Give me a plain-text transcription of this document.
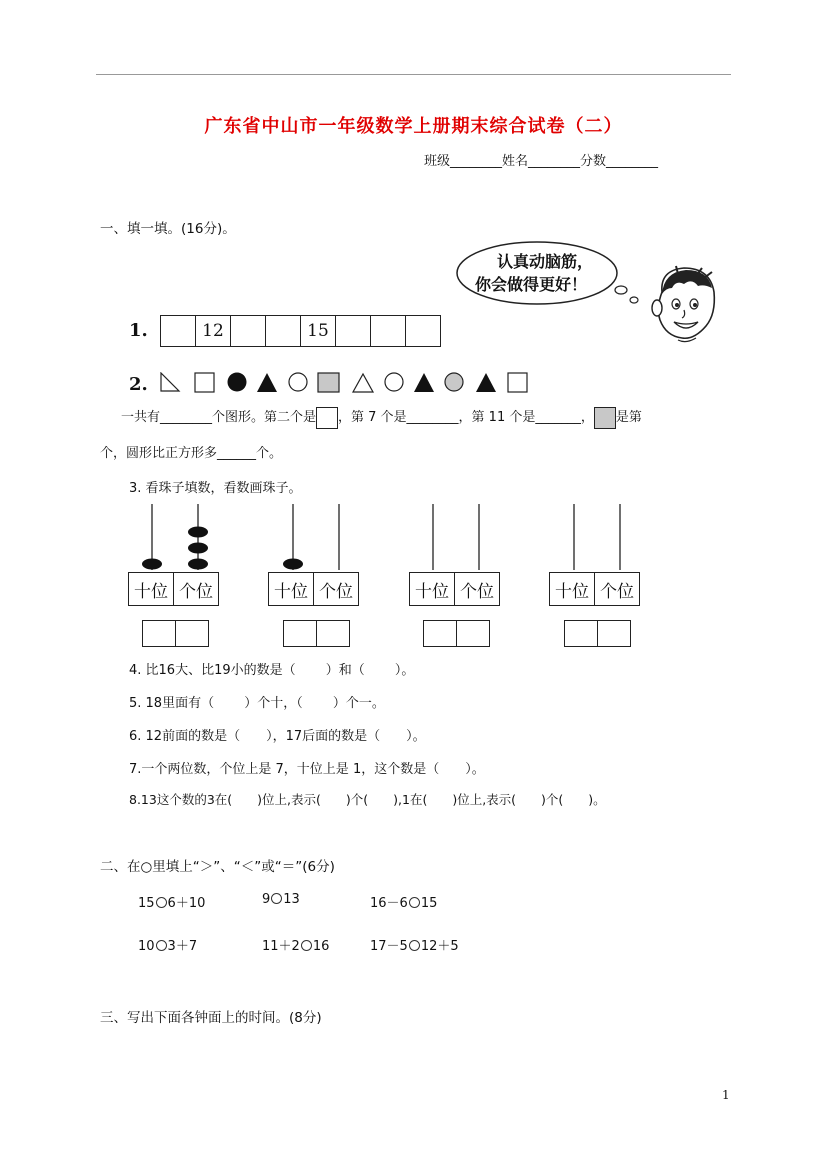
广东省中山市一年级数学上册期末综合试卷（二）
班级________姓名________分数________
一、填一填。(16分)。
认真动脑筋，
你会做得更好！
1.	12	15
2.
一共有________个图形。第二个是 ，第 7 个是________，第 11 个是_______， 是第
个，圆形比正方形多______个。
3. 看珠子填数，看数画珠子。
十位 个位	十位 个位	十位 个位	十位 个位
4. 比16大、比19小的数是（　　 ）和（　　 ）。
5. 18里面有（　　 ）个十，（　　 ）个一。
6. 12前面的数是（　　），17后面的数是（　　）。
7.一个两位数，个位上是 7，十位上是 1，这个数是（　　）。
8.13这个数的3在(　　)位上,表示(　　)个(　　),1在(　　)位上,表示(　　)个(　　)。
二、在○里填上“＞”、“＜”或“＝”(6分)
15 6＋10	9 13	16－6 15
10 3＋7	11＋2 16	17－5 12＋5
三、写出下面各钟面上的时间。(8分)
1
